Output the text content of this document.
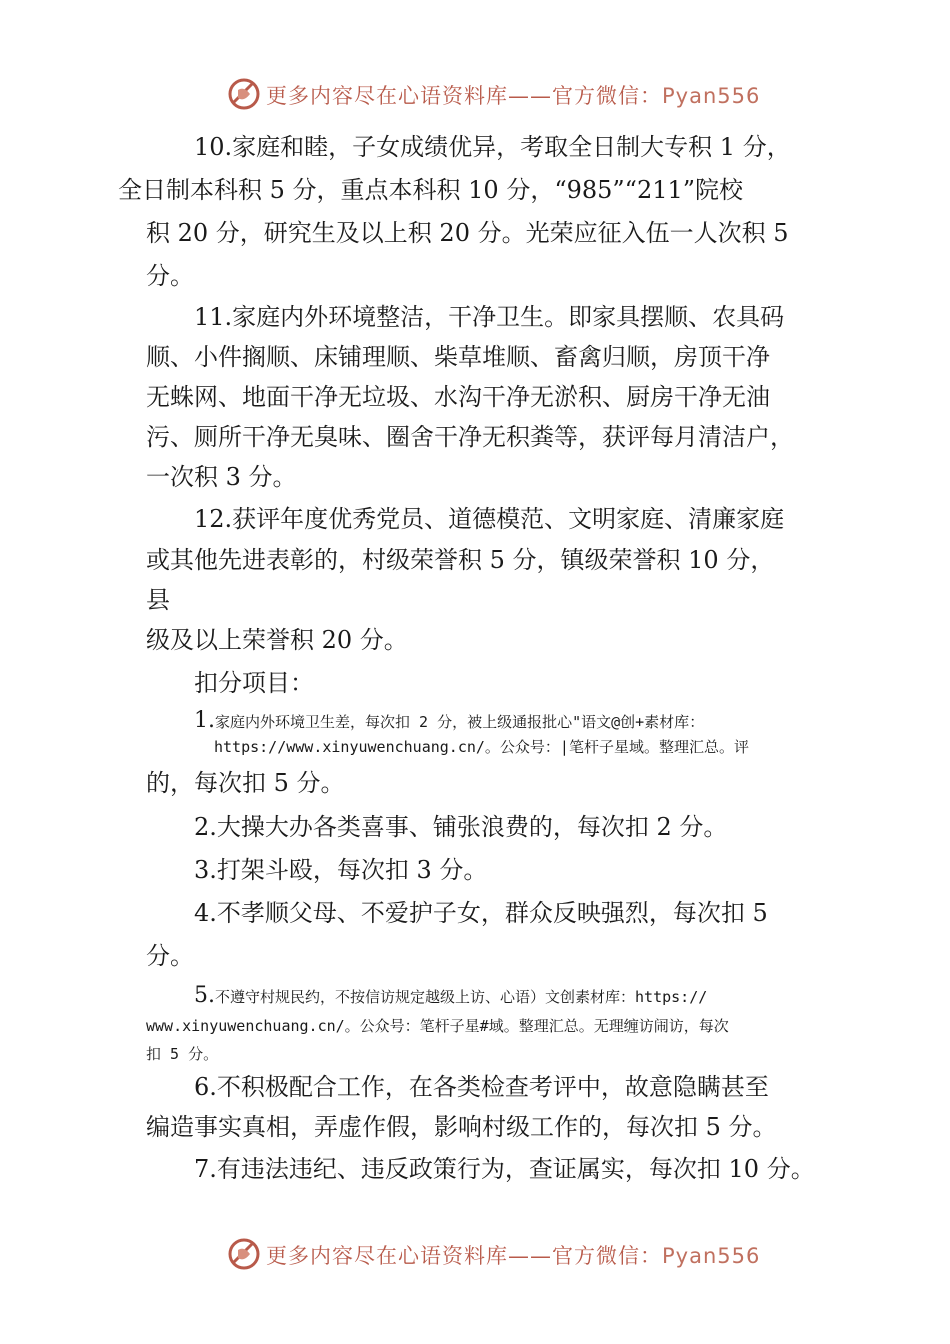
更多内容尽在心语资料库——官方微信：Pyan556
10.家庭和睦，子女成绩优异，考取全日制大专积 1 分，
全日制本科积 5 分，重点本科积 10 分，“985”“211”院校
积 20 分，研究生及以上积 20 分。光荣应征入伍一人次积 5
分。
11.家庭内外环境整洁，干净卫生。即家具摆顺、农具码
顺、小件搁顺、床铺理顺、柴草堆顺、畜禽归顺，房顶干净
无蛛网、地面干净无垃圾、水沟干净无淤积、厨房干净无油
污、厕所干净无臭味、圈舍干净无积粪等，获评每月清洁户，
一次积 3 分。
12.获评年度优秀党员、道德模范、文明家庭、清廉家庭
或其他先进表彰的，村级荣誉积 5 分，镇级荣誉积 10 分，
县
级及以上荣誉积 20 分。
扣分项目：
1.家庭内外环境卫生差，每次扣 2 分，被上级通报批心"语文@创+素材库：
https://www.xinyuwenchuang.cn/。公众号：|笔杆子星域。整理汇总。评
的，每次扣 5 分。
2.大操大办各类喜事、铺张浪费的，每次扣 2 分。
3.打架斗殴，每次扣 3 分。
4.不孝顺父母、不爱护子女，群众反映强烈，每次扣 5
分。
5.不遵守村规民约，不按信访规定越级上访、心语）文创素材库：https://
www.xinyuwenchuang.cn/。公众号：笔杆子星#域。整理汇总。无理缠访闹访，每次
扣 5 分。
6.不积极配合工作，在各类检查考评中，故意隐瞒甚至
编造事实真相，弄虚作假，影响村级工作的，每次扣 5 分。
7.有违法违纪、违反政策行为，查证属实，每次扣 10 分。
更多内容尽在心语资料库——官方微信：Pyan556
